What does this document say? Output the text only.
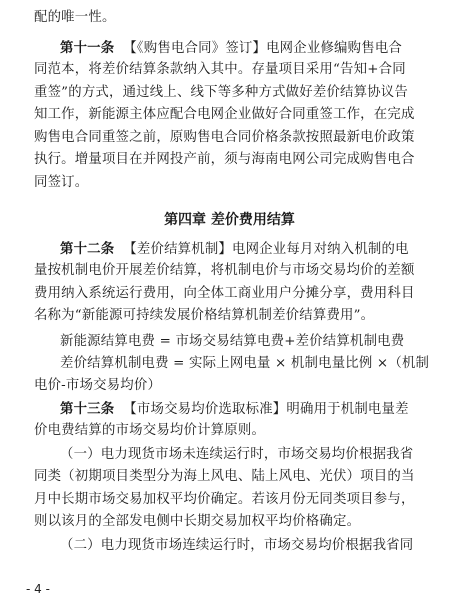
配的唯一性。
第十一条 【《购售电合同》签订】电网企业修编购售电合
同范本，将差价结算条款纳入其中。存量项目采用“告知+合同
重签”的方式，通过线上、线下等多种方式做好差价结算协议告
知工作，新能源主体应配合电网企业做好合同重签工作，在完成
购售电合同重签之前，原购售电合同价格条款按照最新电价政策
执行。增量项目在并网投产前，须与海南电网公司完成购售电合
同签订。
第四章 差价费用结算
第十二条 【差价结算机制】电网企业每月对纳入机制的电
量按机制电价开展差价结算，将机制电价与市场交易均价的差额
费用纳入系统运行费用，向全体工商业用户分摊分享，费用科目
名称为“新能源可持续发展价格结算机制差价结算费用”。
新能源结算电费 = 市场交易结算电费+差价结算机制电费
差价结算机制电费 = 实际上网电量 × 机制电量比例 ×（机制
电价-市场交易均价）
第十三条 【市场交易均价选取标准】明确用于机制电量差
价电费结算的市场交易均价计算原则。
（一）电力现货市场未连续运行时，市场交易均价根据我省
同类（初期项目类型分为海上风电、陆上风电、光伏）项目的当
月中长期市场交易加权平均价确定。若该月份无同类项目参与，
则以该月的全部发电侧中长期交易加权平均价格确定。
（二）电力现货市场连续运行时，市场交易均价根据我省同
- 4 -
